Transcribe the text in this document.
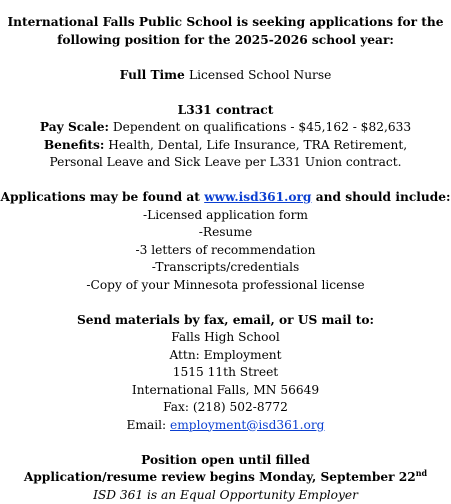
International Falls Public School is seeking applications for the
following position for the 2025-2026 school year:
Full Time Licensed School Nurse
L331 contract
Pay Scale: Dependent on qualifications - $45,162 - $82,633
Benefits: Health, Dental, Life Insurance, TRA Retirement,
Personal Leave and Sick Leave per L331 Union contract.
Applications may be found at www.isd361.org and should include:
-Licensed application form
-Resume
-3 letters of recommendation
-Transcripts/credentials
-Copy of your Minnesota professional license
Send materials by fax, email, or US mail to:
Falls High School
Attn: Employment
1515 11th Street
International Falls, MN 56649
Fax: (218) 502-8772
Email: employment@isd361.org
Position open until filled
Application/resume review begins Monday, September 22nd
ISD 361 is an Equal Opportunity Employer
